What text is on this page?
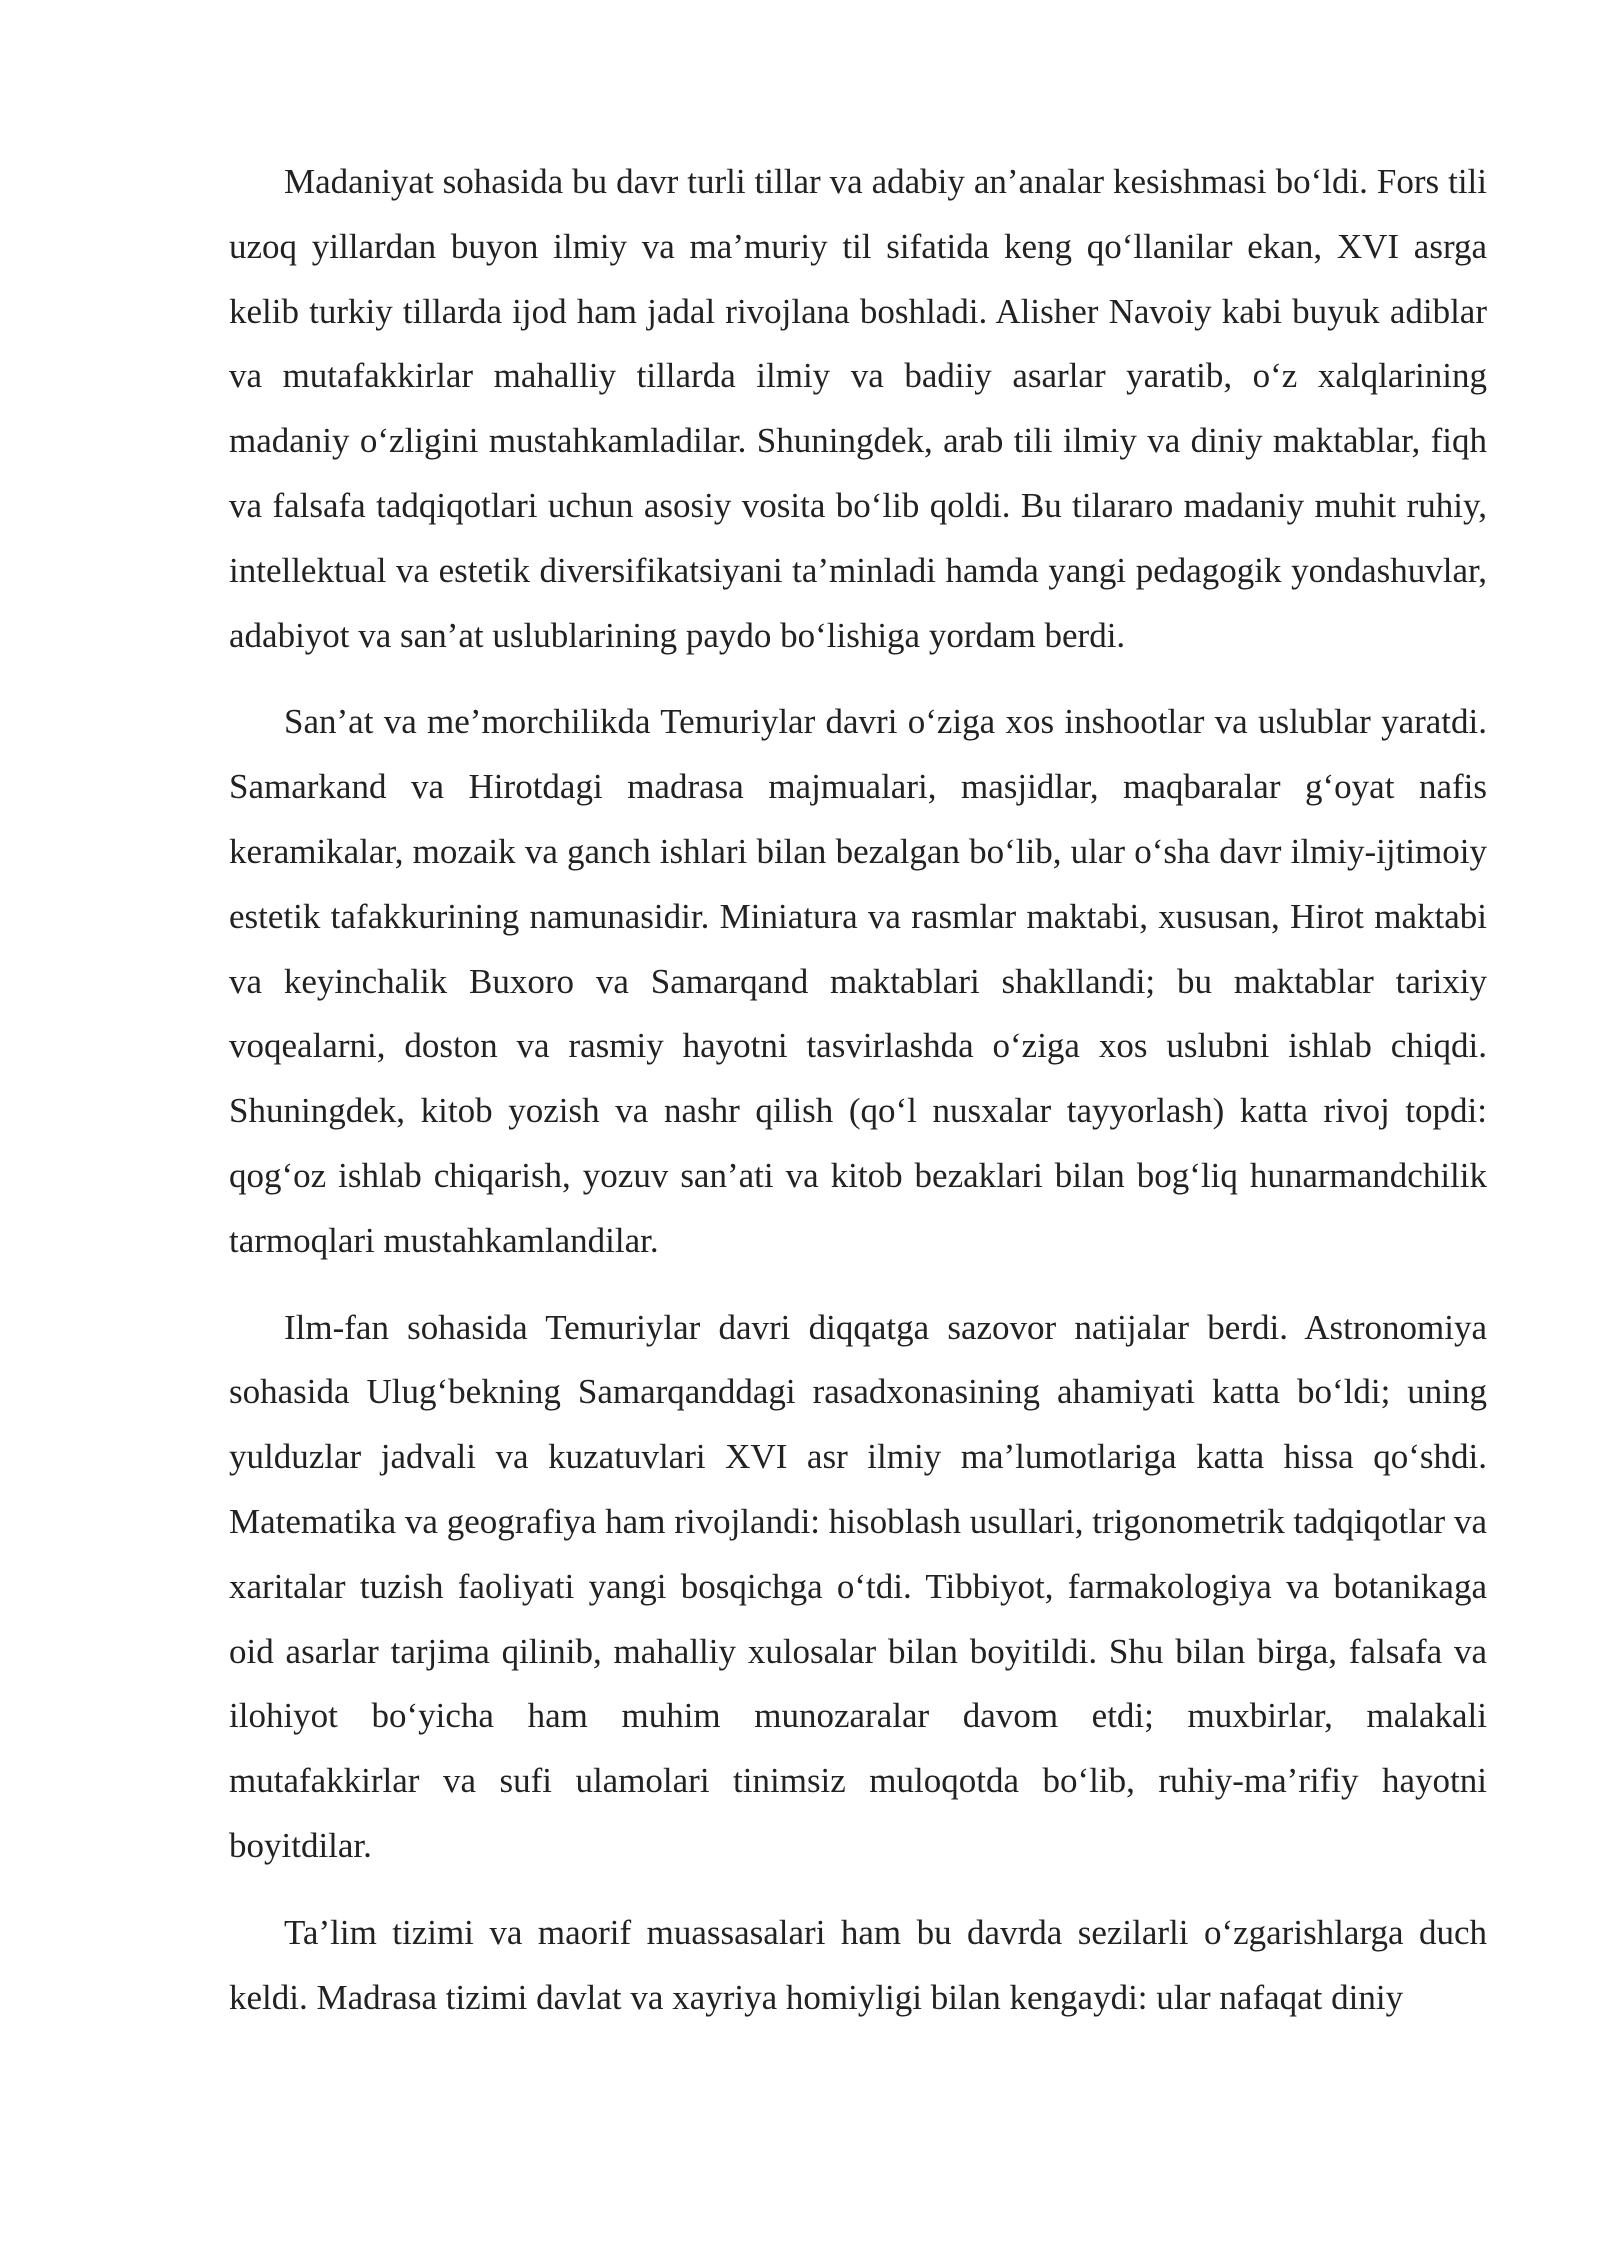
Madaniyat sohasida bu davr turli tillar va adabiy an’analar kesishmasi bo‘ldi. Fors tili uzoq yillardan buyon ilmiy va ma’muriy til sifatida keng qo‘llanilar ekan, XVI asrga kelib turkiy tillarda ijod ham jadal rivojlana boshladi. Alisher Navoiy kabi buyuk adiblar va mutafakkirlar mahalliy tillarda ilmiy va badiiy asarlar yaratib, o‘z xalqlarining madaniy o‘zligini mustahkamladilar. Shuningdek, arab tili ilmiy va diniy maktablar, fiqh va falsafa tadqiqotlari uchun asosiy vosita bo‘lib qoldi. Bu tilararo madaniy muhit ruhiy, intellektual va estetik diversifikatsiyani ta’minladi hamda yangi pedagogik yondashuvlar, adabiyot va san’at uslublarining paydo bo‘lishiga yordam berdi.

San’at va me’morchilikda Temuriylar davri o‘ziga xos inshootlar va uslublar yaratdi. Samarkand va Hirotdagi madrasa majmualari, masjidlar, maqbaralar g‘oyat nafis keramikalar, mozaik va ganch ishlari bilan bezalgan bo‘lib, ular o‘sha davr ilmiy-ijtimoiy estetik tafakkurining namunasidir. Miniatura va rasmlar maktabi, xususan, Hirot maktabi va keyinchalik Buxoro va Samarqand maktablari shakllandi; bu maktablar tarixiy voqealarni, doston va rasmiy hayotni tasvirlashda o‘ziga xos uslubni ishlab chiqdi. Shuningdek, kitob yozish va nashr qilish (qo‘l nusxalar tayyorlash) katta rivoj topdi: qog‘oz ishlab chiqarish, yozuv san’ati va kitob bezaklari bilan bog‘liq hunarmandchilik tarmoqlari mustahkamlandilar.

Ilm-fan sohasida Temuriylar davri diqqatga sazovor natijalar berdi. Astronomiya sohasida Ulug‘bekning Samarqanddagi rasadxonasining ahamiyati katta bo‘ldi; uning yulduzlar jadvali va kuzatuvlari XVI asr ilmiy ma’lumotlariga katta hissa qo‘shdi. Matematika va geografiya ham rivojlandi: hisoblash usullari, trigonometrik tadqiqotlar va xaritalar tuzish faoliyati yangi bosqichga o‘tdi. Tibbiyot, farmakologiya va botanikaga oid asarlar tarjima qilinib, mahalliy xulosalar bilan boyitildi. Shu bilan birga, falsafa va ilohiyot bo‘yicha ham muhim munozaralar davom etdi; muxbirlar, malakali mutafakkirlar va sufi ulamolari tinimsiz muloqotda bo‘lib, ruhiy-ma’rifiy hayotni boyitdilar.

Ta’lim tizimi va maorif muassasalari ham bu davrda sezilarli o‘zgarishlarga duch keldi. Madrasa tizimi davlat va xayriya homiyligi bilan kengaydi: ular nafaqat diniy
